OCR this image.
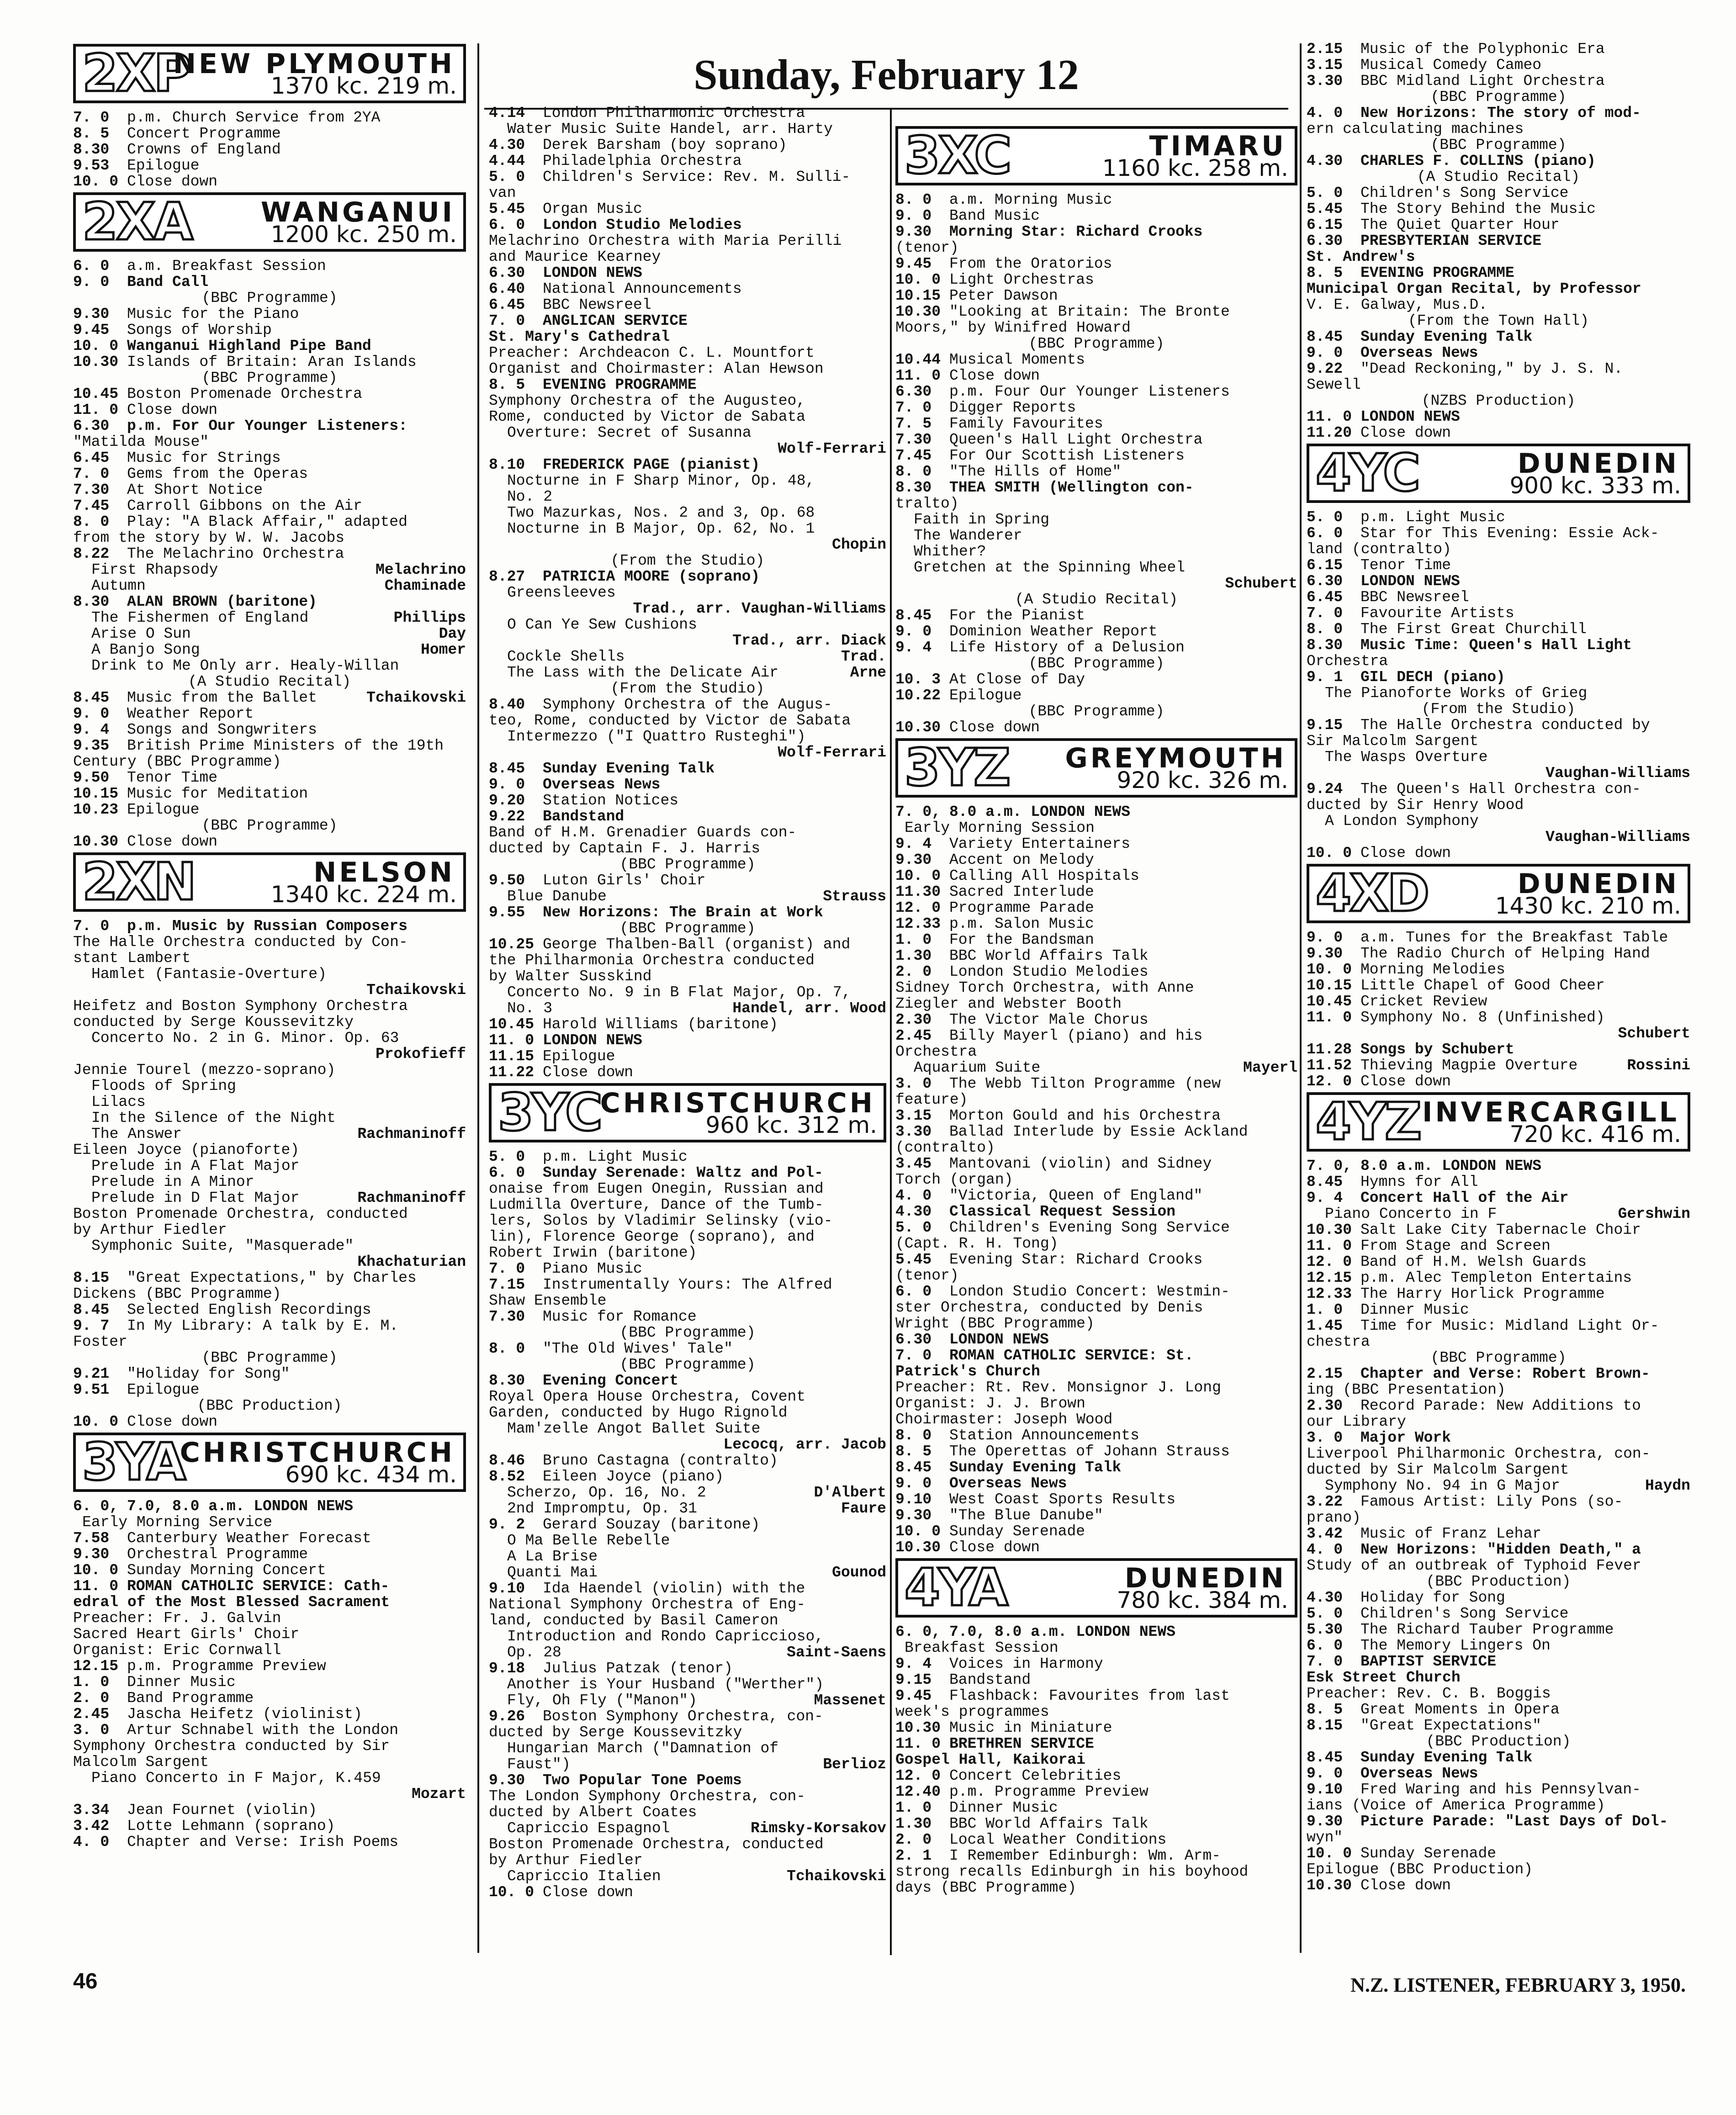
Sunday, February 12
2XP
NEW PLYMOUTH
1370 kc. 219 m.
7. 0 p.m. Church Service from 2YA
8. 5 Concert Programme
8.30 Crowns of England
9.53 Epilogue
10. 0 Close down
2XA	WANGANUI
1200 kc. 250 m.
6. 0 a.m. Breakfast Session
9. 0 Band Call
(BBC Programme)
9.30 Music for the Piano
9.45 Songs of Worship
10. 0 Wanganui Highland Pipe Band
10.30 Islands of Britain: Aran Islands
(BBC Programme)
10.45 Boston Promenade Orchestra
11. 0 Close down
6.30 p.m. For Our Younger Listeners:
"Matilda Mouse"
6.45 Music for Strings
7. 0 Gems from the Operas
7.30 At Short Notice
7.45 Carroll Gibbons on the Air
8. 0 Play: "A Black Affair," adapted
from the story by W. W. Jacobs
8.22 The Melachrino Orchestra
First Rhapsody	Melachrino
Autumn	Chaminade
8.30 ALAN BROWN (baritone)
The Fishermen of England	Phillips
Arise O Sun	Day
A Banjo Song	Homer
Drink to Me Only arr. Healy-Willan
(A Studio Recital)
8.45 Music from the Ballet	Tchaikovski
9. 0 Weather Report
9. 4 Songs and Songwriters
9.35 British Prime Ministers of the 19th
Century (BBC Programme)
9.50 Tenor Time
10.15 Music for Meditation
10.23 Epilogue
(BBC Programme)
10.30 Close down
2XN	NELSON
1340 kc. 224 m.
7. 0 p.m. Music by Russian Composers
The Halle Orchestra conducted by Con-
stant Lambert
Hamlet (Fantasie-Overture)

Tchaikovski
Heifetz and Boston Symphony Orchestra
conducted by Serge Koussevitzky
Concerto No. 2 in G. Minor. Op. 63

Prokofieff
Jennie Tourel (mezzo-soprano)
Floods of Spring
Lilacs
In the Silence of the Night
The Answer	Rachmaninoff
Eileen Joyce (pianoforte)
Prelude in A Flat Major
Prelude in A Minor
Prelude in D Flat Major	Rachmaninoff
Boston Promenade Orchestra, conducted
by Arthur Fiedler
Symphonic Suite, "Masquerade"

Khachaturian
8.15 "Great Expectations," by Charles
Dickens (BBC Programme)
8.45 Selected English Recordings
9. 7 In My Library: A talk by E. M.
Foster
(BBC Programme)
9.21 "Holiday for Song"
9.51 Epilogue
(BBC Production)
10. 0 Close down
3YA
CHRISTCHURCH
690 kc. 434 m.
6. 0, 7.0, 8.0 a.m. LONDON NEWS
Early Morning Service
7.58 Canterbury Weather Forecast
9.30 Orchestral Programme
10. 0 Sunday Morning Concert
11. 0 ROMAN CATHOLIC SERVICE: Cath-
edral of the Most Blessed Sacrament
Preacher: Fr. J. Galvin
Sacred Heart Girls' Choir
Organist: Eric Cornwall
12.15 p.m. Programme Preview
1. 0 Dinner Music
2. 0 Band Programme
2.45 Jascha Heifetz (violinist)
3. 0 Artur Schnabel with the London
Symphony Orchestra conducted by Sir
Malcolm Sargent
Piano Concerto in F Major, K.459

Mozart
3.34 Jean Fournet (violin)
3.42 Lotte Lehmann (soprano)
4. 0 Chapter and Verse: Irish Poems
4.14 London Philharmonic Orchestra
Water Music Suite Handel, arr. Harty
4.30 Derek Barsham (boy soprano)
4.44 Philadelphia Orchestra
5. 0 Children's Service: Rev. M. Sulli-
van
5.45 Organ Music
6. 0 London Studio Melodies
Melachrino Orchestra with Maria Perilli
and Maurice Kearney
6.30 LONDON NEWS
6.40 National Announcements
6.45 BBC Newsreel
7. 0 ANGLICAN SERVICE
St. Mary's Cathedral
Preacher: Archdeacon C. L. Mountfort
Organist and Choirmaster: Alan Hewson
8. 5 EVENING PROGRAMME
Symphony Orchestra of the Augusteo,
Rome, conducted by Victor de Sabata
Overture: Secret of Susanna

Wolf-Ferrari
8.10 FREDERICK PAGE (pianist)
Nocturne in F Sharp Minor, Op. 48,
No. 2
Two Mazurkas, Nos. 2 and 3, Op. 68
Nocturne in B Major, Op. 62, No. 1

Chopin
(From the Studio)
8.27 PATRICIA MOORE (soprano)
Greensleeves

Trad., arr. Vaughan-Williams
O Can Ye Sew Cushions

Trad., arr. Diack
Cockle Shells	Trad.
The Lass with the Delicate Air	Arne
(From the Studio)
8.40 Symphony Orchestra of the Augus-
teo, Rome, conducted by Victor de Sabata
Intermezzo ("I Quattro Rusteghi")

Wolf-Ferrari
8.45 Sunday Evening Talk
9. 0 Overseas News
9.20 Station Notices
9.22 Bandstand
Band of H.M. Grenadier Guards con-
ducted by Captain F. J. Harris
(BBC Programme)
9.50 Luton Girls' Choir
Blue Danube	Strauss
9.55 New Horizons: The Brain at Work
(BBC Programme)
10.25 George Thalben-Ball (organist) and
the Philharmonia Orchestra conducted
by Walter Susskind
Concerto No. 9 in B Flat Major, Op. 7,
No. 3	Handel, arr. Wood
10.45 Harold Williams (baritone)
11. 0 LONDON NEWS
11.15 Epilogue
11.22 Close down
3YC
CHRISTCHURCH
960 kc. 312 m.
5. 0 p.m. Light Music
6. 0 Sunday Serenade: Waltz and Pol-
onaise from Eugen Onegin, Russian and
Ludmilla Overture, Dance of the Tumb-
lers, Solos by Vladimir Selinsky (vio-
lin), Florence George (soprano), and
Robert Irwin (baritone)
7. 0 Piano Music
7.15 Instrumentally Yours: The Alfred
Shaw Ensemble
7.30 Music for Romance
(BBC Programme)
8. 0 "The Old Wives' Tale"
(BBC Programme)
8.30 Evening Concert
Royal Opera House Orchestra, Covent
Garden, conducted by Hugo Rignold
Mam'zelle Angot Ballet Suite

Lecocq, arr. Jacob
8.46 Bruno Castagna (contralto)
8.52 Eileen Joyce (piano)
Scherzo, Op. 16, No. 2	D'Albert
2nd Impromptu, Op. 31	Faure
9. 2 Gerard Souzay (baritone)
O Ma Belle Rebelle
A La Brise
Quanti Mai	Gounod
9.10 Ida Haendel (violin) with the
National Symphony Orchestra of Eng-
land, conducted by Basil Cameron
Introduction and Rondo Capriccioso,
Op. 28	Saint-Saens
9.18 Julius Patzak (tenor)
Another is Your Husband ("Werther")
Fly, Oh Fly ("Manon")	Massenet
9.26 Boston Symphony Orchestra, con-
ducted by Serge Koussevitzky
Hungarian March ("Damnation of
Faust")	Berlioz
9.30 Two Popular Tone Poems
The London Symphony Orchestra, con-
ducted by Albert Coates
Capriccio Espagnol	Rimsky-Korsakov
Boston Promenade Orchestra, conducted
by Arthur Fiedler
Capriccio Italien	Tchaikovski
10. 0 Close down
3XC	TIMARU
1160 kc. 258 m.
8. 0 a.m. Morning Music
9. 0 Band Music
9.30 Morning Star: Richard Crooks
(tenor)
9.45 From the Oratorios
10. 0 Light Orchestras
10.15 Peter Dawson
10.30 "Looking at Britain: The Bronte
Moors," by Winifred Howard
(BBC Programme)
10.44 Musical Moments
11. 0 Close down
6.30 p.m. Four Our Younger Listeners
7. 0 Digger Reports
7. 5 Family Favourites
7.30 Queen's Hall Light Orchestra
7.45 For Our Scottish Listeners
8. 0 "The Hills of Home"
8.30 THEA SMITH (Wellington con-
tralto)
Faith in Spring
The Wanderer
Whither?
Gretchen at the Spinning Wheel

Schubert
(A Studio Recital)
8.45 For the Pianist
9. 0 Dominion Weather Report
9. 4 Life History of a Delusion
(BBC Programme)
10. 3 At Close of Day
10.22 Epilogue
(BBC Programme)
10.30 Close down
3YZ GREYMOUTH
920 kc. 326 m.
7. 0, 8.0 a.m. LONDON NEWS
Early Morning Session
9. 4 Variety Entertainers
9.30 Accent on Melody
10. 0 Calling All Hospitals
11.30 Sacred Interlude
12. 0 Programme Parade
12.33 p.m. Salon Music
1. 0 For the Bandsman
1.30 BBC World Affairs Talk
2. 0 London Studio Melodies
Sidney Torch Orchestra, with Anne
Ziegler and Webster Booth
2.30 The Victor Male Chorus
2.45 Billy Mayerl (piano) and his
Orchestra
Aquarium Suite	Mayerl
3. 0 The Webb Tilton Programme (new
feature)
3.15 Morton Gould and his Orchestra
3.30 Ballad Interlude by Essie Ackland
(contralto)
3.45 Mantovani (violin) and Sidney
Torch (organ)
4. 0 "Victoria, Queen of England"
4.30 Classical Request Session
5. 0 Children's Evening Song Service
(Capt. R. H. Tong)
5.45 Evening Star: Richard Crooks
(tenor)
6. 0 London Studio Concert: Westmin-
ster Orchestra, conducted by Denis
Wright (BBC Programme)
6.30 LONDON NEWS
7. 0 ROMAN CATHOLIC SERVICE: St.
Patrick's Church
Preacher: Rt. Rev. Monsignor J. Long
Organist: J. J. Brown
Choirmaster: Joseph Wood
8. 0 Station Announcements
8. 5 The Operettas of Johann Strauss
8.45 Sunday Evening Talk
9. 0 Overseas News
9.10 West Coast Sports Results
9.30 "The Blue Danube"
10. 0 Sunday Serenade
10.30 Close down
4YA	DUNEDIN
780 kc. 384 m.
6. 0, 7.0, 8.0 a.m. LONDON NEWS
Breakfast Session
9. 4 Voices in Harmony
9.15 Bandstand
9.45 Flashback: Favourites from last
week's programmes
10.30 Music in Miniature
11. 0 BRETHREN SERVICE
Gospel Hall, Kaikorai
12. 0 Concert Celebrities
12.40 p.m. Programme Preview
1. 0 Dinner Music
1.30 BBC World Affairs Talk
2. 0 Local Weather Conditions
2. 1 I Remember Edinburgh: Wm. Arm-
strong recalls Edinburgh in his boyhood
days (BBC Programme)
2.15 Music of the Polyphonic Era
3.15 Musical Comedy Cameo
3.30 BBC Midland Light Orchestra
(BBC Programme)
4. 0 New Horizons: The story of mod-
ern calculating machines
(BBC Programme)
4.30 CHARLES F. COLLINS (piano)
(A Studio Recital)
5. 0 Children's Song Service
5.45 The Story Behind the Music
6.15 The Quiet Quarter Hour
6.30 PRESBYTERIAN SERVICE
St. Andrew's
8. 5 EVENING PROGRAMME
Municipal Organ Recital, by Professor
V. E. Galway, Mus.D.
(From the Town Hall)
8.45 Sunday Evening Talk
9. 0 Overseas News
9.22 "Dead Reckoning," by J. S. N.
Sewell
(NZBS Production)
11. 0 LONDON NEWS
11.20 Close down
4YC	DUNEDIN
900 kc. 333 m.
5. 0 p.m. Light Music
6. 0 Star for This Evening: Essie Ack-
land (contralto)
6.15 Tenor Time
6.30 LONDON NEWS
6.45 BBC Newsreel
7. 0 Favourite Artists
8. 0 The First Great Churchill
8.30 Music Time: Queen's Hall Light
Orchestra
9. 1 GIL DECH (piano)
The Pianoforte Works of Grieg
(From the Studio)
9.15 The Halle Orchestra conducted by
Sir Malcolm Sargent
The Wasps Overture

Vaughan-Williams
9.24 The Queen's Hall Orchestra con-
ducted by Sir Henry Wood
A London Symphony

Vaughan-Williams
10. 0 Close down
4XD	DUNEDIN
1430 kc. 210 m.
9. 0 a.m. Tunes for the Breakfast Table
9.30 The Radio Church of Helping Hand
10. 0 Morning Melodies
10.15 Little Chapel of Good Cheer
10.45 Cricket Review
11. 0 Symphony No. 8 (Unfinished)

Schubert
11.28 Songs by Schubert
11.52 Thieving Magpie Overture	Rossini
12. 0 Close down
4YZ INVERCARGILL
720 kc. 416 m.
7. 0, 8.0 a.m. LONDON NEWS
8.45 Hymns for All
9. 4 Concert Hall of the Air
Piano Concerto in F	Gershwin
10.30 Salt Lake City Tabernacle Choir
11. 0 From Stage and Screen
12. 0 Band of H.M. Welsh Guards
12.15 p.m. Alec Templeton Entertains
12.33 The Harry Horlick Programme
1. 0 Dinner Music
1.45 Time for Music: Midland Light Or-
chestra
(BBC Programme)
2.15 Chapter and Verse: Robert Brown-
ing (BBC Presentation)
2.30 Record Parade: New Additions to
our Library
3. 0 Major Work
Liverpool Philharmonic Orchestra, con-
ducted by Sir Malcolm Sargent
Symphony No. 94 in G Major	Haydn
3.22 Famous Artist: Lily Pons (so-
prano)
3.42 Music of Franz Lehar
4. 0 New Horizons: "Hidden Death," a
Study of an outbreak of Typhoid Fever
(BBC Production)
4.30 Holiday for Song
5. 0 Children's Song Service
5.30 The Richard Tauber Programme
6. 0 The Memory Lingers On
7. 0 BAPTIST SERVICE
Esk Street Church
Preacher: Rev. C. B. Boggis
8. 5 Great Moments in Opera
8.15 "Great Expectations"
(BBC Production)
8.45 Sunday Evening Talk
9. 0 Overseas News
9.10 Fred Waring and his Pennsylvan-
ians (Voice of America Programme)
9.30 Picture Parade: "Last Days of Dol-
wyn"
10. 0 Sunday Serenade
Epilogue (BBC Production)
10.30 Close down
46	N.Z. LISTENER, FEBRUARY 3, 1950.
